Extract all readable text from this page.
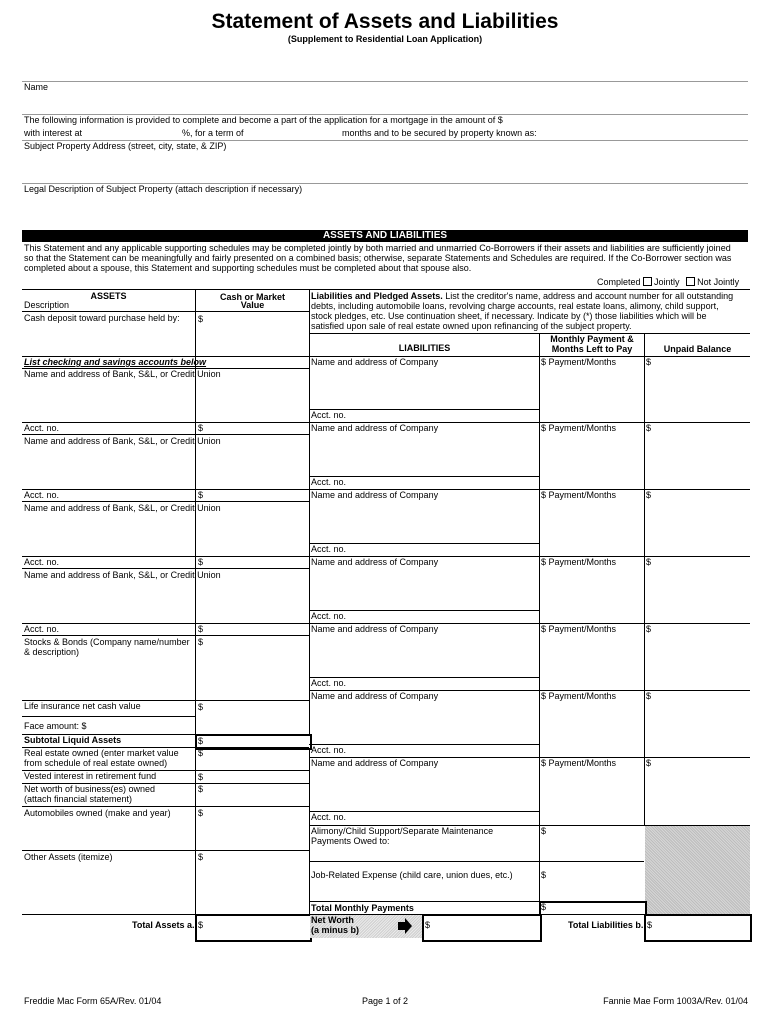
Statement of Assets and Liabilities
(Supplement to Residential Loan Application)
Name
The following information is provided to complete and become a part of the application for a mortgage in the amount of $
with interest at	%, for a term of	months and to be secured by property known as:
Subject Property Address (street, city, state, & ZIP)
Legal Description of Subject Property (attach description if necessary)
ASSETS AND LIABILITIES
This Statement and any applicable supporting schedules may be completed jointly by both married and unmarried Co-Borrowers if their assets and liabilities are sufficiently joined
so that the Statement can be meaningfully and fairly presented on a combined basis; otherwise, separate Statements and Schedules are required. If the Co-Borrower section was
completed about a spouse, this Statement and supporting schedules must be completed about that spouse also.
Completed Jointly Not Jointly
ASSETS
Description
Cash or Market
Value
Cash deposit toward purchase held by: $
List checking and savings accounts below
Name and address of Bank, S&L, or Credit Union
Acct. no.	$
Name and address of Bank, S&L, or Credit Union
Acct. no.	$
Name and address of Bank, S&L, or Credit Union
Acct. no.	$
Name and address of Bank, S&L, or Credit Union
Acct. no.	$
Stocks & Bonds (Company name/number
& description)
$
Life insurance net cash value	$
Face amount: $
Subtotal Liquid Assets	$
Real estate owned (enter market value
from schedule of real estate owned)
$
Vested interest in retirement fund	$
Net worth of business(es) owned
(attach financial statement)
$
Automobiles owned (make and year)	$
Other Assets (itemize)	$
Total Assets a. $
Liabilities and Pledged Assets. List the creditor's name, address and account number for all outstanding
debts, including automobile loans, revolving charge accounts, real estate loans, alimony, child support,
stock pledges, etc. Use continuation sheet, if necessary. Indicate by (*) those liabilities which will be
satisfied upon sale of real estate owned upon refinancing of the subject property.
LIABILITIES
Monthly Payment &
Months Left to Pay	Unpaid Balance
Name and address of Company	$ Payment/Months	$
Acct. no.
Name and address of Company	$ Payment/Months	$
Acct. no.
Name and address of Company	$ Payment/Months	$
Acct. no.
Name and address of Company	$ Payment/Months	$
Acct. no.
Name and address of Company	$ Payment/Months	$
Acct. no.
Name and address of Company	$ Payment/Months	$
Acct. no.
Name and address of Company	$ Payment/Months	$
Acct. no.
Alimony/Child Support/Separate Maintenance
Payments Owed to:
$
Job-Related Expense (child care, union dues, etc.)	$
Total Monthly Payments	$
Net Worth
(a minus b)	$	Total Liabilities b. $
Freddie Mac Form 65A/Rev. 01/04	Page 1 of 2	Fannie Mae Form 1003A/Rev. 01/04
